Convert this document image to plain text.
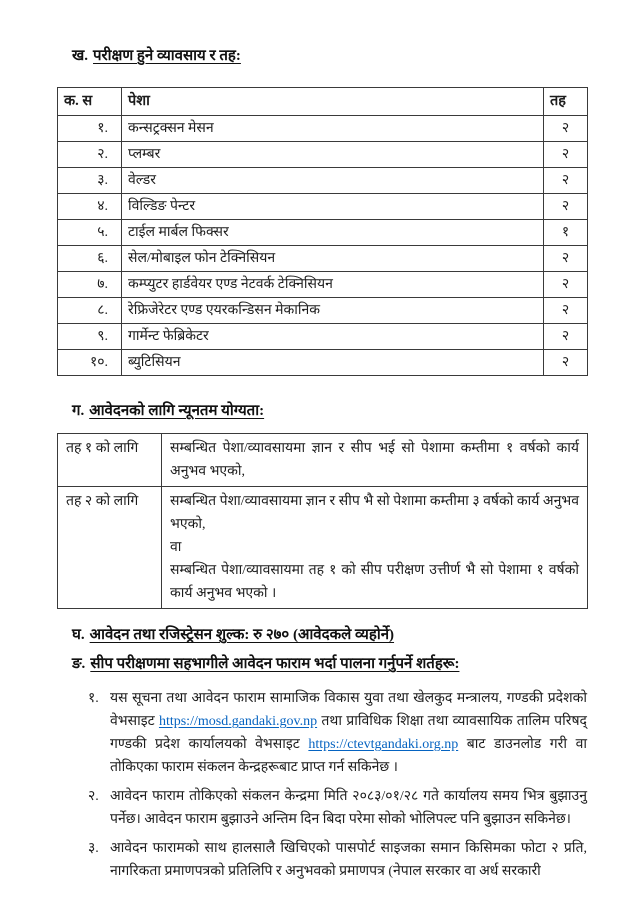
ख. परीक्षण हुने व्यावसाय र तह:
क. स	पेशा	तह
१.	कन्सट्रक्सन मेसन	२
२.	प्लम्बर	२
३.	वेल्डर	२
४.	विल्डिङ पेन्टर	२
५.	टाईल मार्बल फिक्सर	१
६.	सेल/मोबाइल फोन टेक्निसियन	२
७.	कम्प्युटर हार्डवेयर एण्ड नेटवर्क टेक्निसियन	२
८.	रेफ्रिजेरेटर एण्ड एयरकन्डिसन मेकानिक	२
९.	गार्मेन्ट फेब्रिकेटर	२
१०.	ब्युटिसियन	२
ग. आवेदनको लागि न्यूनतम योग्यता:
तह १ को लागि	सम्बन्धित पेशा/व्यावसायमा ज्ञान र सीप भई सो पेशामा कम्तीमा १ वर्षको कार्य अनुभव भएको,

तह २ को लागि	सम्बन्धित पेशा/व्यावसायमा ज्ञान र सीप भै सो पेशामा कम्तीमा ३ वर्षको कार्य अनुभव भएको,
वा
सम्बन्धित पेशा/व्यावसायमा तह १ को सीप परीक्षण उत्तीर्ण भै सो पेशामा १ वर्षको कार्य अनुभव भएको ।
घ. आवेदन तथा रजिस्ट्रेसन शुल्क: रु २७० (आवेदकले व्यहोर्ने)
ङ. सीप परीक्षणमा सहभागीले आवेदन फाराम भर्दा पालना गर्नुपर्ने शर्तहरू:
१. यस सूचना तथा आवेदन फाराम सामाजिक विकास युवा तथा खेलकुद मन्त्रालय, गण्डकी प्रदेशको वेभसाइट https://mosd.gandaki.gov.np तथा प्राविधिक शिक्षा तथा व्यावसायिक तालिम परिषद् गण्डकी प्रदेश कार्यालयको वेभसाइट https://ctevtgandaki.org.np बाट डाउनलोड गरी वा तोकिएका फाराम संकलन केन्द्रहरूबाट प्राप्त गर्न सकिनेछ ।

२. आवेदन फाराम तोकिएको संकलन केन्द्रमा मिति २०८३/०१/२८ गते कार्यालय समय भित्र बुझाउनु पर्नेछ। आवेदन फाराम बुझाउने अन्तिम दिन बिदा परेमा सोको भोलिपल्ट पनि बुझाउन सकिनेछ।

३. आवेदन फारामको साथ हालसालै खिचिएको पासपोर्ट साइजका समान किसिमका फोटा २ प्रति, नागरिकता प्रमाणपत्रको प्रतिलिपि र अनुभवको प्रमाणपत्र (नेपाल सरकार वा अर्ध सरकारी
